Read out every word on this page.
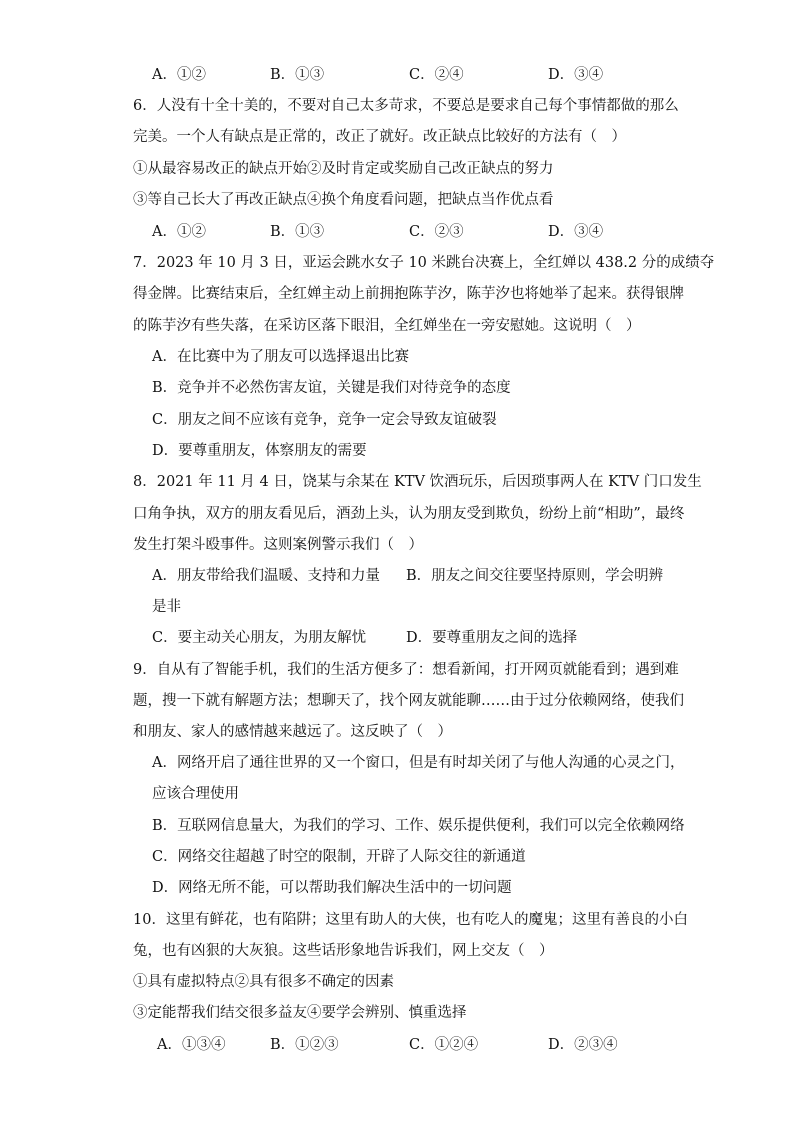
A．①②	B．①③	C．②④	D．③④
6．人没有十全十美的，不要对自己太多苛求，不要总是要求自己每个事情都做的那么
完美。一个人有缺点是正常的，改正了就好。改正缺点比较好的方法有（　）
①从最容易改正的缺点开始②及时肯定或奖励自己改正缺点的努力
③等自己长大了再改正缺点④换个角度看问题，把缺点当作优点看
A．①②	B．①③	C．②③	D．③④
7．2023 年 10 月 3 日，亚运会跳水女子 10 米跳台决赛上，全红婵以 438.2 分的成绩夺
得金牌。比赛结束后，全红婵主动上前拥抱陈芋汐，陈芋汐也将她举了起来。获得银牌
的陈芋汐有些失落，在采访区落下眼泪，全红婵坐在一旁安慰她。这说明（　）
A．在比赛中为了朋友可以选择退出比赛
B．竞争并不必然伤害友谊，关键是我们对待竞争的态度
C．朋友之间不应该有竞争，竞争一定会导致友谊破裂
D．要尊重朋友，体察朋友的需要
8．2021 年 11 月 4 日，饶某与余某在 KTV 饮酒玩乐，后因琐事两人在 KTV 门口发生
口角争执，双方的朋友看见后，酒劲上头，认为朋友受到欺负，纷纷上前“相助”，最终
发生打架斗殴事件。这则案例警示我们（　）
A．朋友带给我们温暖、支持和力量 B．朋友之间交往要坚持原则，学会明辨
是非
C．要主动关心朋友，为朋友解忧	D．要尊重朋友之间的选择
9．自从有了智能手机，我们的生活方便多了：想看新闻，打开网页就能看到；遇到难
题，搜一下就有解题方法；想聊天了，找个网友就能聊……由于过分依赖网络，使我们
和朋友、家人的感情越来越远了。这反映了（　）
A．网络开启了通往世界的又一个窗口，但是有时却关闭了与他人沟通的心灵之门，
应该合理使用
B．互联网信息量大，为我们的学习、工作、娱乐提供便利，我们可以完全依赖网络
C．网络交往超越了时空的限制，开辟了人际交往的新通道
D．网络无所不能，可以帮助我们解决生活中的一切问题
10．这里有鲜花，也有陷阱；这里有助人的大侠，也有吃人的魔鬼；这里有善良的小白
兔，也有凶狠的大灰狼。这些话形象地告诉我们，网上交友（　）
①具有虚拟特点②具有很多不确定的因素
③定能帮我们结交很多益友④要学会辨别、慎重选择
A．①③④	B．①②③	C．①②④	D．②③④
